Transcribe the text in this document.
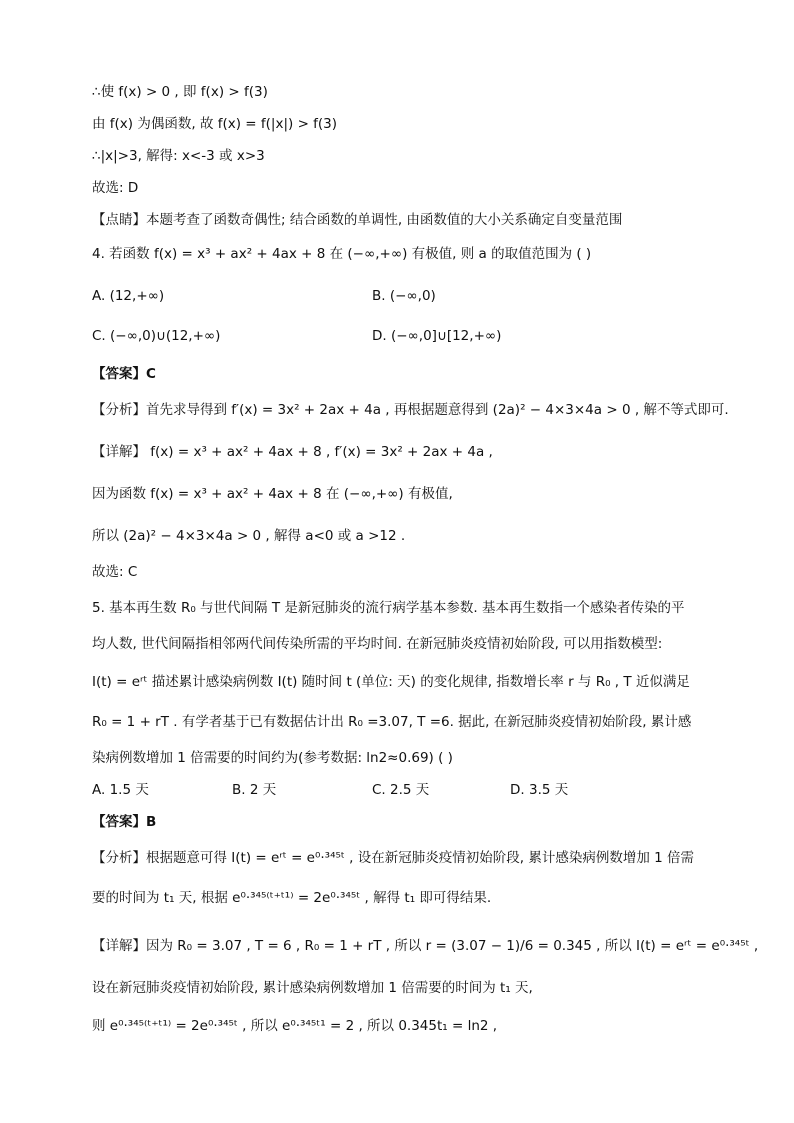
∴使 f(x) > 0 , 即 f(x) > f(3)
由 f(x) 为偶函数, 故 f(x) = f(|x|) > f(3)
∴|x|>3, 解得: x<-3 或 x>3
故选: D
【点睛】本题考查了函数奇偶性; 结合函数的单调性, 由函数值的大小关系确定自变量范围
4. 若函数 f(x) = x³ + ax² + 4ax + 8 在 (−∞,+∞) 有极值, 则 a 的取值范围为 ( )
A. (12,+∞)	B. (−∞,0)
C. (−∞,0)∪(12,+∞)	D. (−∞,0]∪[12,+∞)
【答案】C
【分析】首先求导得到 f′(x) = 3x² + 2ax + 4a , 再根据题意得到 (2a)² − 4×3×4a > 0 , 解不等式即可.
【详解】 f(x) = x³ + ax² + 4ax + 8 , f′(x) = 3x² + 2ax + 4a ,
因为函数 f(x) = x³ + ax² + 4ax + 8 在 (−∞,+∞) 有极值,
所以 (2a)² − 4×3×4a > 0 , 解得 a<0 或 a >12 .
故选: C
5. 基本再生数 R₀ 与世代间隔 T 是新冠肺炎的流行病学基本参数. 基本再生数指一个感染者传染的平
均人数, 世代间隔指相邻两代间传染所需的平均时间. 在新冠肺炎疫情初始阶段, 可以用指数模型:
I(t) = eʳᵗ 描述累计感染病例数 I(t) 随时间 t (单位: 天) 的变化规律, 指数增长率 r 与 R₀ , T 近似满足
R₀ = 1 + rT . 有学者基于已有数据估计出 R₀ =3.07, T =6. 据此, 在新冠肺炎疫情初始阶段, 累计感
染病例数增加 1 倍需要的时间约为(参考数据: ln2≈0.69) ( )
A. 1.5 天	B. 2 天	C. 2.5 天	D. 3.5 天
【答案】B
【分析】根据题意可得 I(t) = eʳᵗ = e⁰·³⁴⁵ᵗ , 设在新冠肺炎疫情初始阶段, 累计感染病例数增加 1 倍需
要的时间为 t₁ 天, 根据 e⁰·³⁴⁵⁽ᵗ⁺ᵗ¹⁾ = 2e⁰·³⁴⁵ᵗ , 解得 t₁ 即可得结果.
【详解】因为 R₀ = 3.07 , T = 6 , R₀ = 1 + rT , 所以 r = (3.07 − 1)/6 = 0.345 , 所以 I(t) = eʳᵗ = e⁰·³⁴⁵ᵗ ,
设在新冠肺炎疫情初始阶段, 累计感染病例数增加 1 倍需要的时间为 t₁ 天,
则 e⁰·³⁴⁵⁽ᵗ⁺ᵗ¹⁾ = 2e⁰·³⁴⁵ᵗ , 所以 e⁰·³⁴⁵ᵗ¹ = 2 , 所以 0.345t₁ = ln2 ,
